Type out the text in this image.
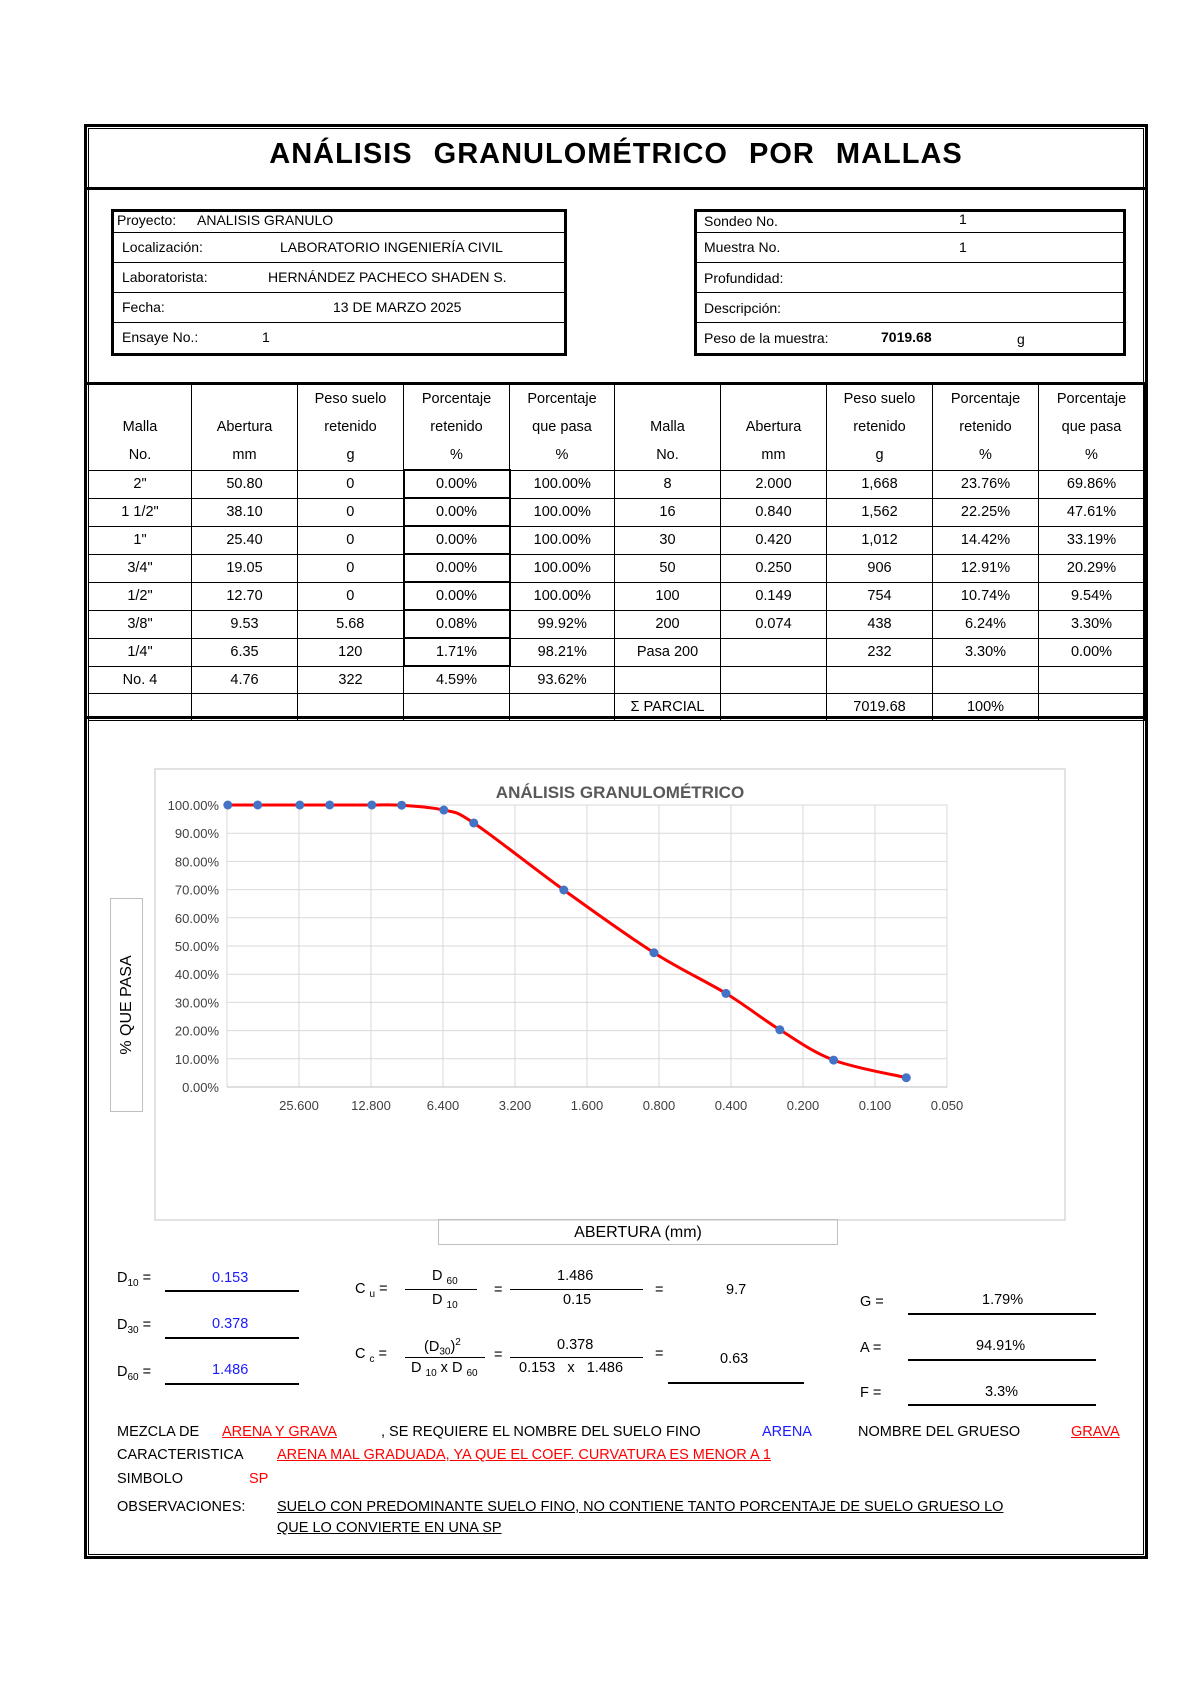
ANÁLISIS GRANULOMÉTRICO POR MALLAS
Proyecto: ANALISIS GRANULO
Localización:	LABORATORIO INGENIERÍA CIVIL
Laboratorista:	HERNÁNDEZ PACHECO SHADEN S.
Fecha:	13 DE MARZO 2025
Ensaye No.:	1
Sondeo No.	1
Muestra No.	1
Profundidad:
Descripción:
Peso de la muestra:	7019.68	g
		Peso suelo	Porcentaje	Porcentaje			Peso suelo	Porcentaje	Porcentaje
Malla	Abertura	retenido	retenido	que pasa	Malla	Abertura	retenido	retenido	que pasa
No.	mm	g	%	%	No.	mm	g	%	%
2"	50.80	0	0.00%	100.00%	8	2.000	1,668	23.76%	69.86%
1 1/2"	38.10	0	0.00%	100.00%	16	0.840	1,562	22.25%	47.61%
1"	25.40	0	0.00%	100.00%	30	0.420	1,012	14.42%	33.19%
3/4"	19.05	0	0.00%	100.00%	50	0.250	906	12.91%	20.29%
1/2"	12.70	0	0.00%	100.00%	100	0.149	754	10.74%	9.54%
3/8"	9.53	5.68	0.08%	99.92%	200	0.074	438	6.24%	3.30%
1/4"	6.35	120	1.71%	98.21%	Pasa 200		232	3.30%	0.00%
No. 4	4.76	322	4.59%	93.62%					
					Σ PARCIAL		7019.68	100%	
0.00%
10.00%
20.00%
30.00%
40.00%
50.00%
60.00%
70.00%
80.00%
90.00%
100.00%
25.600 12.800	6.400	3.200	1.600	0.800	0.400	0.200	0.100	0.050
ANÁLISIS GRANULOMÉTRICO
% QUE PASA
ABERTURA (mm)
$D_{10}$ =	0.153
$D_{30}$ =	0.378
$D_{60}$ =	1.486
C $_u$ =
D $_{60}$
D $_{10}$
=
1.486
0.15
=	9.7
C $_c$ =	$(D_{30})^2$
D $_{10}$ x D $_{60}$
=
0.378
0.153 x 1.486
=	0.63
G =	1.79%
A =	94.91%
F =	3.3%
MEZCLA DE ARENA Y GRAVA	, SE REQUIERE EL NOMBRE DEL SUELO FINO	ARENA	NOMBRE DEL GRUESO	GRAVA
CARACTERISTICA ARENA MAL GRADUADA, YA QUE EL COEF. CURVATURA ES MENOR A 1
SIMBOLO	SP
OBSERVACIONES: SUELO CON PREDOMINANTE SUELO FINO, NO CONTIENE TANTO PORCENTAJE DE SUELO GRUESO LO
QUE LO CONVIERTE EN UNA SP
